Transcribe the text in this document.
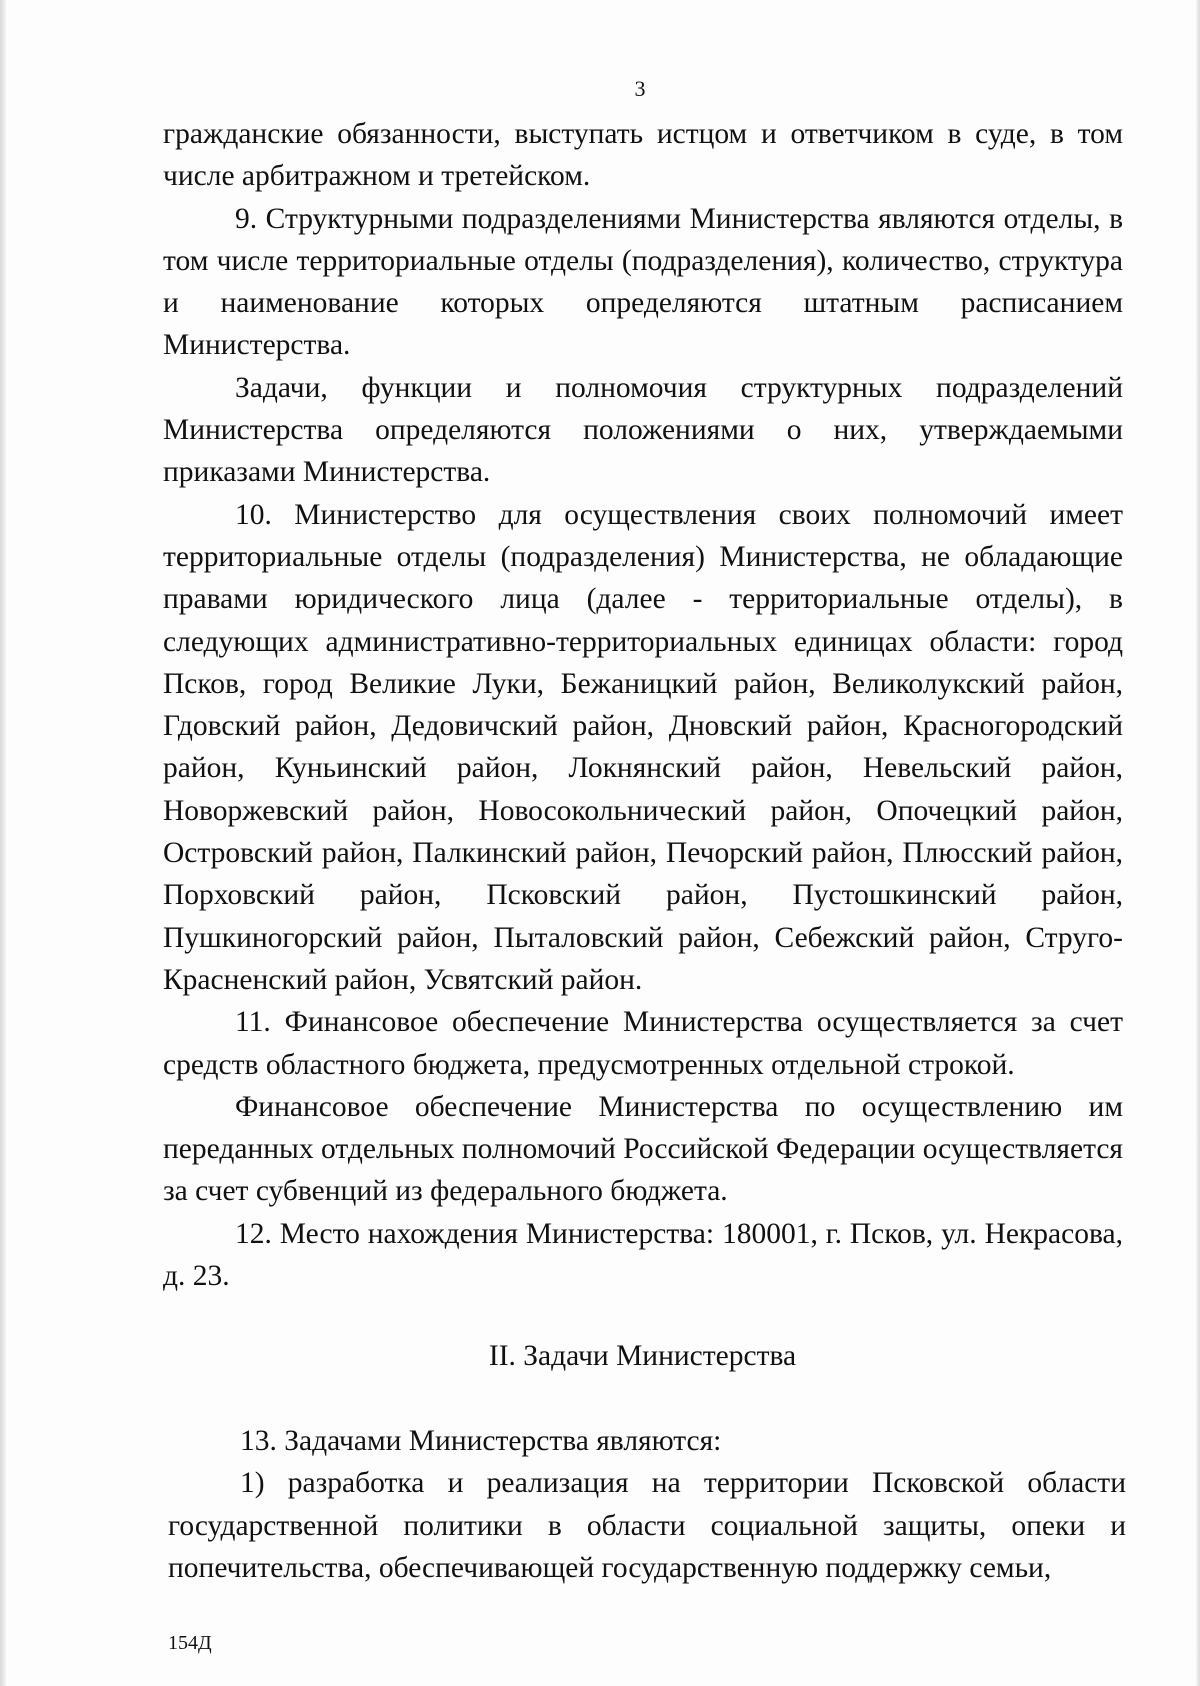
3

гражданские обязанности, выступать истцом и ответчиком в суде, в том числе арбитражном и третейском.

9. Структурными подразделениями Министерства являются отделы, в том числе территориальные отделы (подразделения), количество, структура и наименование которых определяются штатным расписанием Министерства.

Задачи, функции и полномочия структурных подразделений Министерства определяются положениями о них, утверждаемыми приказами Министерства.

10. Министерство для осуществления своих полномочий имеет территориальные отделы (подразделения) Министерства, не обладающие правами юридического лица (далее - территориальные отделы), в следующих административно-территориальных единицах области: город Псков, город Великие Луки, Бежаницкий район, Великолукский район, Гдовский район, Дедовичский район, Дновский район, Красногородский район, Куньинский район, Локнянский район, Невельский район, Новоржевский район, Новосокольнический район, Опочецкий район, Островский район, Палкинский район, Печорский район, Плюсский район, Порховский район, Псковский район, Пустошкинский район, Пушкиногорский район, Пыталовский район, Себежский район, Струго-Красненский район, Усвятский район.

11. Финансовое обеспечение Министерства осуществляется за счет средств областного бюджета, предусмотренных отдельной строкой.

Финансовое обеспечение Министерства по осуществлению им переданных отдельных полномочий Российской Федерации осуществляется за счет субвенций из федерального бюджета.

12. Место нахождения Министерства: 180001, г. Псков, ул. Некрасова, д. 23.

II. Задачи Министерства

13. Задачами Министерства являются:

1) разработка и реализация на территории Псковской области государственной политики в области социальной защиты, опеки и попечительства, обеспечивающей государственную поддержку семьи,

154Д
